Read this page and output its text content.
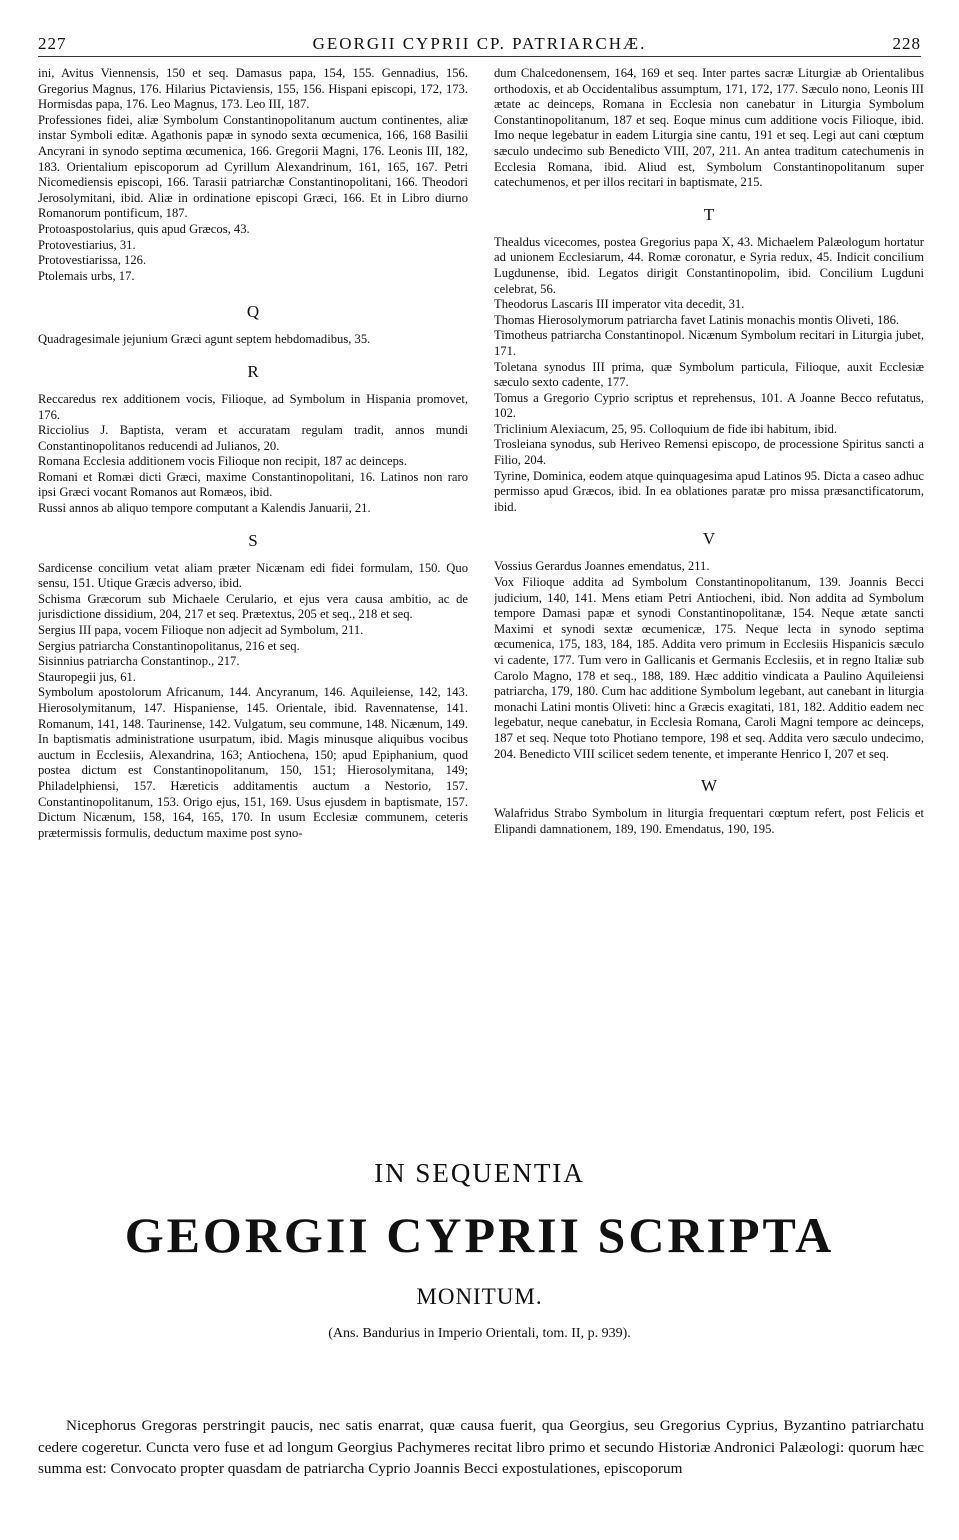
227	GEORGII CYPRII CP. PATRIARCHÆ.	228

ini, Avitus Viennensis, 150 et seq. Damasus papa, 154, 155. Gennadius, 156. Gregorius Magnus, 176. Hilarius Pictaviensis, 155, 156. Hispani episcopi, 172, 173. Hormisdas papa, 176. Leo Magnus, 173. Leo III, 187.

Professiones fidei, aliæ Symbolum Constantinopolitanum auctum continentes, aliæ instar Symboli editæ. Agathonis papæ in synodo sexta œcumenica, 166, 168 Basilii Ancyrani in synodo septima œcumenica, 166. Gregorii Magni, 176. Leonis III, 182, 183. Orientalium episcoporum ad Cyrillum Alexandrinum, 161, 165, 167. Petri Nicomediensis episcopi, 166. Tarasii patriarchæ Constantinopolitani, 166. Theodori Jerosolymitani, ibid. Aliæ in ordinatione episcopi Græci, 166. Et in Libro diurno Romanorum pontificum, 187.

Protoaspostolarius, quis apud Græcos, 43.

Protovestiarius, 31.

Protovestiarissa, 126.

Ptolemais urbs, 17.

Q

Quadragesimale jejunium Græci agunt septem hebdomadibus, 35.

R

Reccaredus rex additionem vocis, Filioque, ad Symbolum in Hispania promovet, 176.

Ricciolius J. Baptista, veram et accuratam regulam tradit, annos mundi Constantinopolitanos reducendi ad Julianos, 20.

Romana Ecclesia additionem vocis Filioque non recipit, 187 ac deinceps.

Romani et Romæi dicti Græci, maxime Constantinopolitani, 16. Latinos non raro ipsi Græci vocant Romanos aut Romæos, ibid.

Russi annos ab aliquo tempore computant a Kalendis Januarii, 21.

S

Sardicense concilium vetat aliam præter Nicænam edi fidei formulam, 150. Quo sensu, 151. Utique Græcis adverso, ibid.

Schisma Græcorum sub Michaele Cerulario, et ejus vera causa ambitio, ac de jurisdictione dissidium, 204, 217 et seq. Prætextus, 205 et seq., 218 et seq.

Sergius III papa, vocem Filioque non adjecit ad Symbolum, 211.

Sergius patriarcha Constantinopolitanus, 216 et seq.

Sisinnius patriarcha Constantinop., 217.

Stauropegii jus, 61.

Symbolum apostolorum Africanum, 144. Ancyranum, 146. Aquileiense, 142, 143. Hierosolymitanum, 147. Hispaniense, 145. Orientale, ibid. Ravennatense, 141. Romanum, 141, 148. Taurinense, 142. Vulgatum, seu commune, 148. Nicænum, 149. In baptismatis administratione usurpatum, ibid. Magis minusque aliquibus vocibus auctum in Ecclesiis, Alexandrina, 163; Antiochena, 150; apud Epiphanium, quod postea dictum est Constantinopolitanum, 150, 151; Hierosolymitana, 149; Philadelphiensi, 157. Hæreticis additamentis auctum a Nestorio, 157. Constantinopolitanum, 153. Origo ejus, 151, 169. Usus ejusdem in baptismate, 157. Dictum Nicænum, 158, 164, 165, 170. In usum Ecclesiæ communem, ceteris prætermissis formulis, deductum maxime post syno-

dum Chalcedonensem, 164, 169 et seq. Inter partes sacræ Liturgiæ ab Orientalibus orthodoxis, et ab Occidentalibus assumptum, 171, 172, 177. Sæculo nono, Leonis III ætate ac deinceps, Romana in Ecclesia non canebatur in Liturgia Symbolum Constantinopolitanum, 187 et seq. Eoque minus cum additione vocis Filioque, ibid. Imo neque legebatur in eadem Liturgia sine cantu, 191 et seq. Legi aut cani cœptum sæculo undecimo sub Benedicto VIII, 207, 211. An antea traditum catechumenis in Ecclesia Romana, ibid. Aliud est, Symbolum Constantinopolitanum super catechumenos, et per illos recitari in baptismate, 215.

T

Thealdus vicecomes, postea Gregorius papa X, 43. Michaelem Palæologum hortatur ad unionem Ecclesiarum, 44. Romæ coronatur, e Syria redux, 45. Indicit concilium Lugdunense, ibid. Legatos dirigit Constantinopolim, ibid. Concilium Lugduni celebrat, 56.

Theodorus Lascaris III imperator vita decedit, 31.

Thomas Hierosolymorum patriarcha favet Latinis monachis montis Oliveti, 186.

Timotheus patriarcha Constantinopol. Nicænum Symbolum recitari in Liturgia jubet, 171.

Toletana synodus III prima, quæ Symbolum particula, Filioque, auxit Ecclesiæ sæculo sexto cadente, 177.

Tomus a Gregorio Cyprio scriptus et reprehensus, 101. A Joanne Becco refutatus, 102.

Triclinium Alexiacum, 25, 95. Colloquium de fide ibi habitum, ibid.

Trosleiana synodus, sub Heriveo Remensi episcopo, de processione Spiritus sancti a Filio, 204.

Tyrine, Dominica, eodem atque quinquagesima apud Latinos 95. Dicta a caseo adhuc permisso apud Græcos, ibid. In ea oblationes paratæ pro missa præsanctificatorum, ibid.

V

Vossius Gerardus Joannes emendatus, 211.

Vox Filioque addita ad Symbolum Constantinopolitanum, 139. Joannis Becci judicium, 140, 141. Mens etiam Petri Antiocheni, ibid. Non addita ad Symbolum tempore Damasi papæ et synodi Constantinopolitanæ, 154. Neque ætate sancti Maximi et synodi sextæ œcumenicæ, 175. Neque lecta in synodo septima œcumenica, 175, 183, 184, 185. Addita vero primum in Ecclesiis Hispanicis sæculo vi cadente, 177. Tum vero in Gallicanis et Germanis Ecclesiis, et in regno Italiæ sub Carolo Magno, 178 et seq., 188, 189. Hæc additio vindicata a Paulino Aquileiensi patriarcha, 179, 180. Cum hac additione Symbolum legebant, aut canebant in liturgia monachi Latini montis Oliveti: hinc a Græcis exagitati, 181, 182. Additio eadem nec legebatur, neque canebatur, in Ecclesia Romana, Caroli Magni tempore ac deinceps, 187 et seq. Neque toto Photiano tempore, 198 et seq. Addita vero sæculo undecimo, 204. Benedicto VIII scilicet sedem tenente, et imperante Henrico I, 207 et seq.

W

Walafridus Strabo Symbolum in liturgia frequentari cœptum refert, post Felicis et Elipandi damnationem, 189, 190. Emendatus, 190, 195.

IN SEQUENTIA
GEORGII CYPRII SCRIPTA
MONITUM.
(Ans. Bandurius in Imperio Orientali, tom. II, p. 939).

Nicephorus Gregoras perstringit paucis, nec satis enarrat, quæ causa fuerit, qua Georgius, seu Gregorius Cyprius, Byzantino patriarchatu cedere cogeretur. Cuncta vero fuse et ad longum Georgius Pachymeres recitat libro primo et secundo Historiæ Andronici Palæologi: quorum hæc summa est: Convocato propter quasdam de patriarcha Cyprio Joannis Becci expostulationes, episcoporum
